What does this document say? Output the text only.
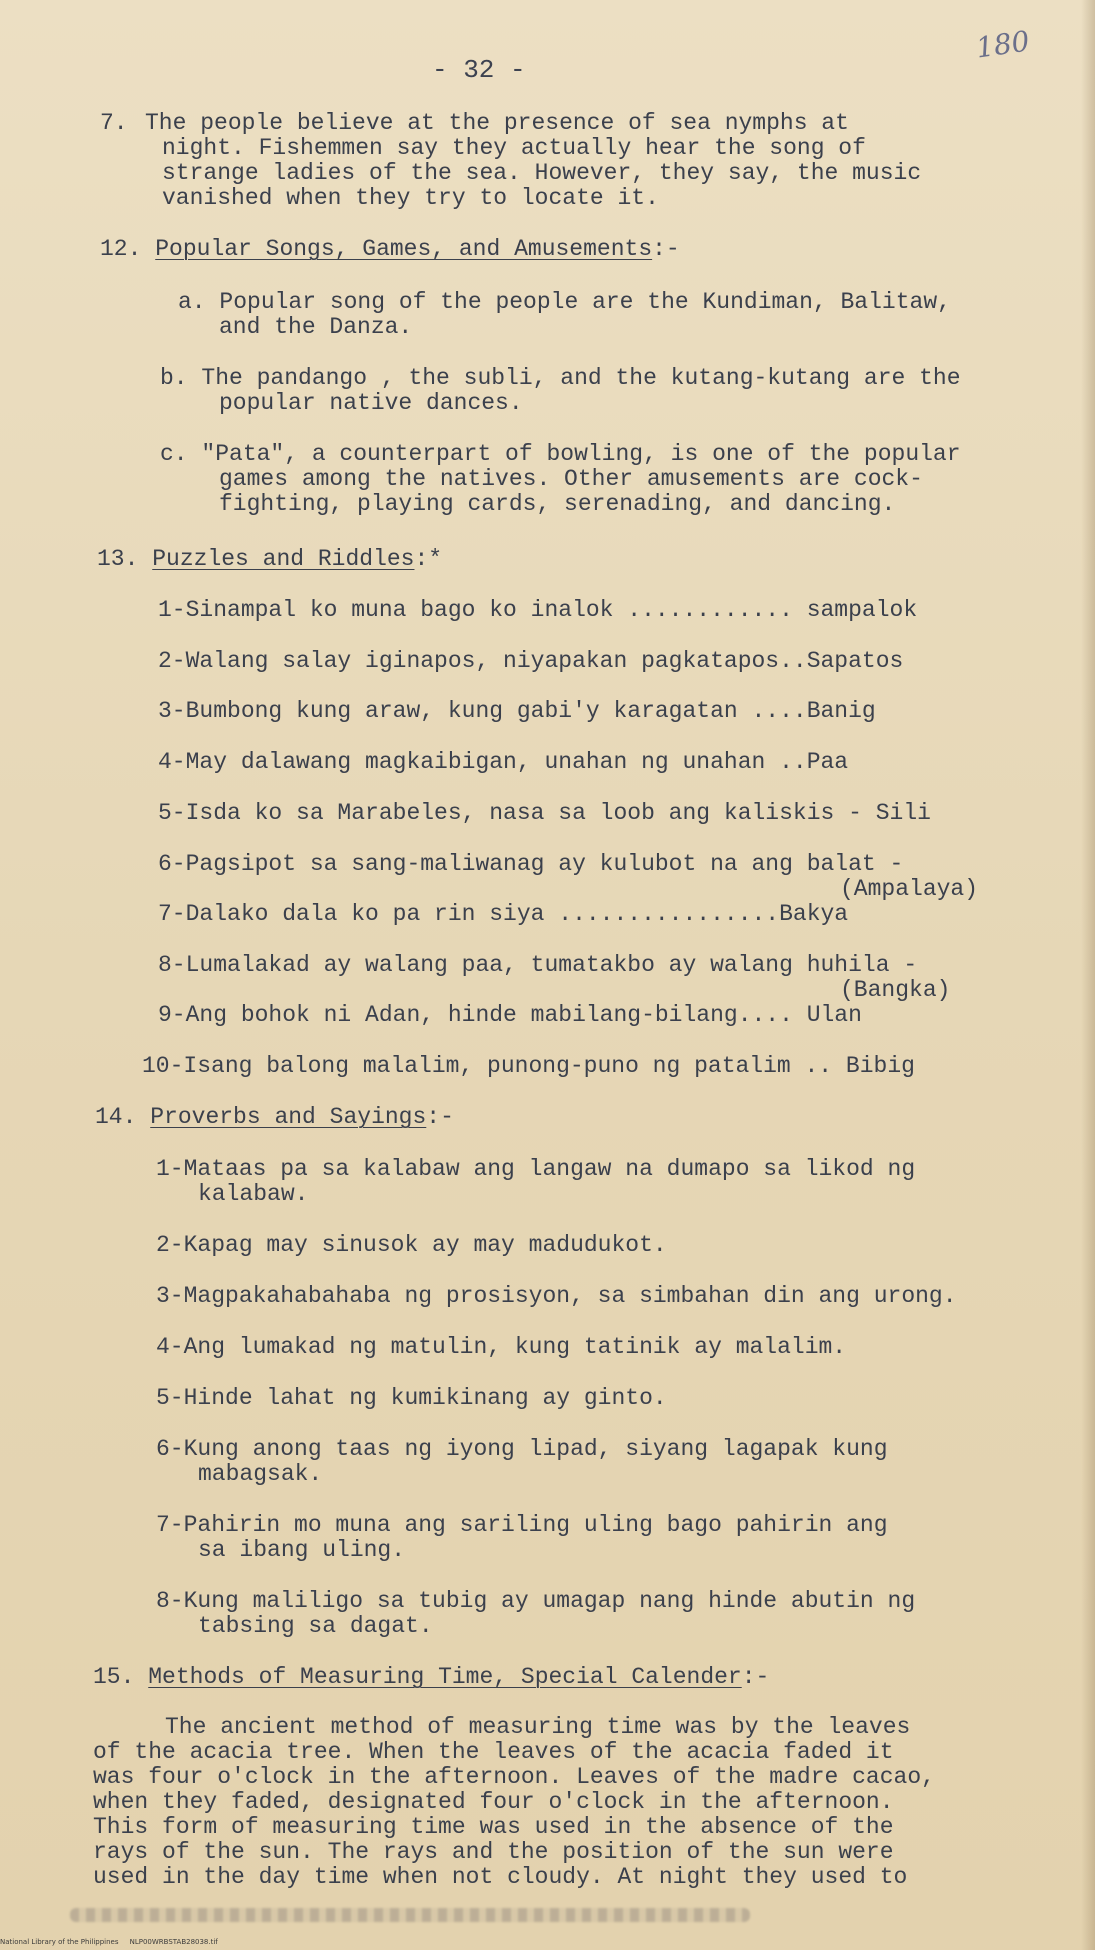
180
- 32 -
7. The people believe at the presence of sea nymphs at
night. Fishemmen say they actually hear the song of
strange ladies of the sea. However, they say, the music
vanished when they try to locate it.
12. Popular Songs, Games, and Amusements:-
a. Popular song of the people are the Kundiman, Balitaw,
and the Danza.
b. The pandango , the subli, and the kutang-kutang are the
popular native dances.
c. "Pata", a counterpart of bowling, is one of the popular
games among the natives. Other amusements are cock-
fighting, playing cards, serenading, and dancing.
13. Puzzles and Riddles:*
1-Sinampal ko muna bago ko inalok ............ sampalok
2-Walang salay iginapos, niyapakan pagkatapos..Sapatos
3-Bumbong kung araw, kung gabi'y karagatan ....Banig
4-May dalawang magkaibigan, unahan ng unahan ..Paa
5-Isda ko sa Marabeles, nasa sa loob ang kaliskis - Sili
6-Pagsipot sa sang-maliwanag ay kulubot na ang balat -
(Ampalaya)
7-Dalako dala ko pa rin siya ................Bakya
8-Lumalakad ay walang paa, tumatakbo ay walang huhila -
(Bangka)
9-Ang bohok ni Adan, hinde mabilang-bilang.... Ulan
10-Isang balong malalim, punong-puno ng patalim .. Bibig
14. Proverbs and Sayings:-
1-Mataas pa sa kalabaw ang langaw na dumapo sa likod ng
kalabaw.
2-Kapag may sinusok ay may madudukot.
3-Magpakahabahaba ng prosisyon, sa simbahan din ang urong.
4-Ang lumakad ng matulin, kung tatinik ay malalim.
5-Hinde lahat ng kumikinang ay ginto.
6-Kung anong taas ng iyong lipad, siyang lagapak kung
mabagsak.
7-Pahirin mo muna ang sariling uling bago pahirin ang
sa ibang uling.
8-Kung maliligo sa tubig ay umagap nang hinde abutin ng
tabsing sa dagat.
15. Methods of Measuring Time, Special Calender:-
The ancient method of measuring time was by the leaves
of the acacia tree. When the leaves of the acacia faded it
was four o'clock in the afternoon. Leaves of the madre cacao,
when they faded, designated four o'clock in the afternoon.
This form of measuring time was used in the absence of the
rays of the sun. The rays and the position of the sun were
used in the day time when not cloudy. At night they used to
National Library of the Philippines     NLP00WRBSTAB28038.tif
